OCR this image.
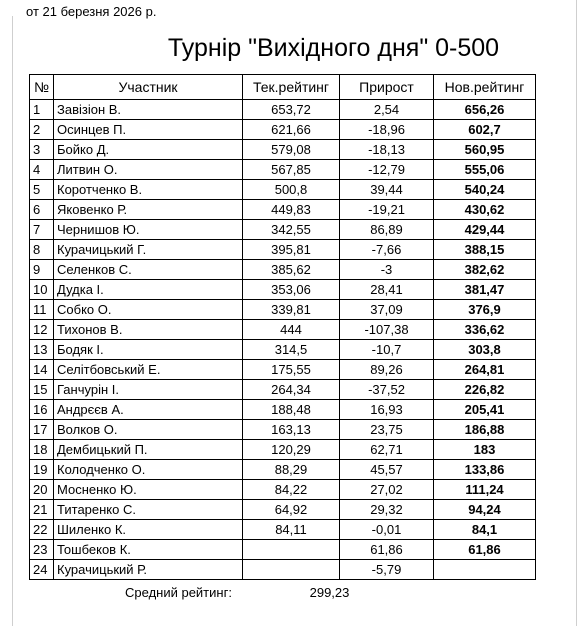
от 21 березня 2026 р.
Турнір "Вихідного дня" 0-500
№	Участник	Тек.рейтинг	Прирост	Нов.рейтинг
1	Завізіон В.	653,72	2,54	656,26
2	Осинцев П.	621,66	-18,96	602,7
3	Бойко Д.	579,08	-18,13	560,95
4	Литвин О.	567,85	-12,79	555,06
5	Коротченко В.	500,8	39,44	540,24
6	Яковенко Р.	449,83	-19,21	430,62
7	Чернишов Ю.	342,55	86,89	429,44
8	Курачицький Г.	395,81	-7,66	388,15
9	Селенков С.	385,62	-3	382,62
10	Дудка І.	353,06	28,41	381,47
11	Собко О.	339,81	37,09	376,9
12	Тихонов В.	444	-107,38	336,62
13	Бодяк І.	314,5	-10,7	303,8
14	Селітбовський Е.	175,55	89,26	264,81
15	Ганчурін І.	264,34	-37,52	226,82
16	Андрєєв А.	188,48	16,93	205,41
17	Волков О.	163,13	23,75	186,88
18	Дембицький П.	120,29	62,71	183
19	Колодченко О.	88,29	45,57	133,86
20	Мосненко Ю.	84,22	27,02	111,24
21	Титаренко С.	64,92	29,32	94,24
22	Шиленко К.	84,11	-0,01	84,1
23	Тошбеков К.		61,86	61,86
24	Курачицький Р.		-5,79	
Средний рейтинг:	299,23
